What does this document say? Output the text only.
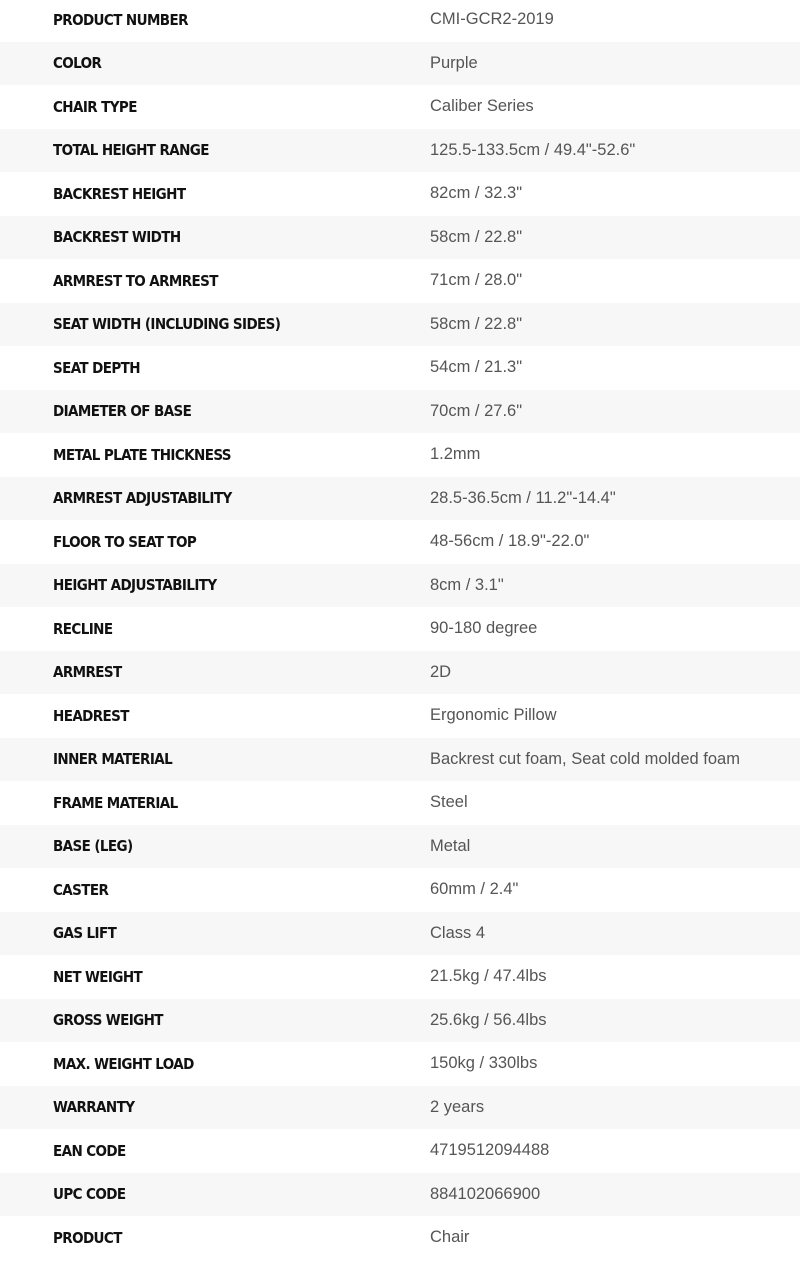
PRODUCT NUMBER	CMI-GCR2-2019
COLOR	Purple
CHAIR TYPE	Caliber Series
TOTAL HEIGHT RANGE	125.5-133.5cm / 49.4"-52.6"
BACKREST HEIGHT	82cm / 32.3"
BACKREST WIDTH	58cm / 22.8"
ARMREST TO ARMREST	71cm / 28.0"
SEAT WIDTH (INCLUDING SIDES)	58cm / 22.8"
SEAT DEPTH	54cm / 21.3"
DIAMETER OF BASE	70cm / 27.6"
METAL PLATE THICKNESS	1.2mm
ARMREST ADJUSTABILITY	28.5-36.5cm / 11.2"-14.4"
FLOOR TO SEAT TOP	48-56cm / 18.9"-22.0"
HEIGHT ADJUSTABILITY	8cm / 3.1"
RECLINE	90-180 degree
ARMREST	2D
HEADREST	Ergonomic Pillow
INNER MATERIAL	Backrest cut foam, Seat cold molded foam
FRAME MATERIAL	Steel
BASE (LEG)	Metal
CASTER	60mm / 2.4"
GAS LIFT	Class 4
NET WEIGHT	21.5kg / 47.4lbs
GROSS WEIGHT	25.6kg / 56.4lbs
MAX. WEIGHT LOAD	150kg / 330lbs
WARRANTY	2 years
EAN CODE	4719512094488
UPC CODE	884102066900
PRODUCT	Chair
